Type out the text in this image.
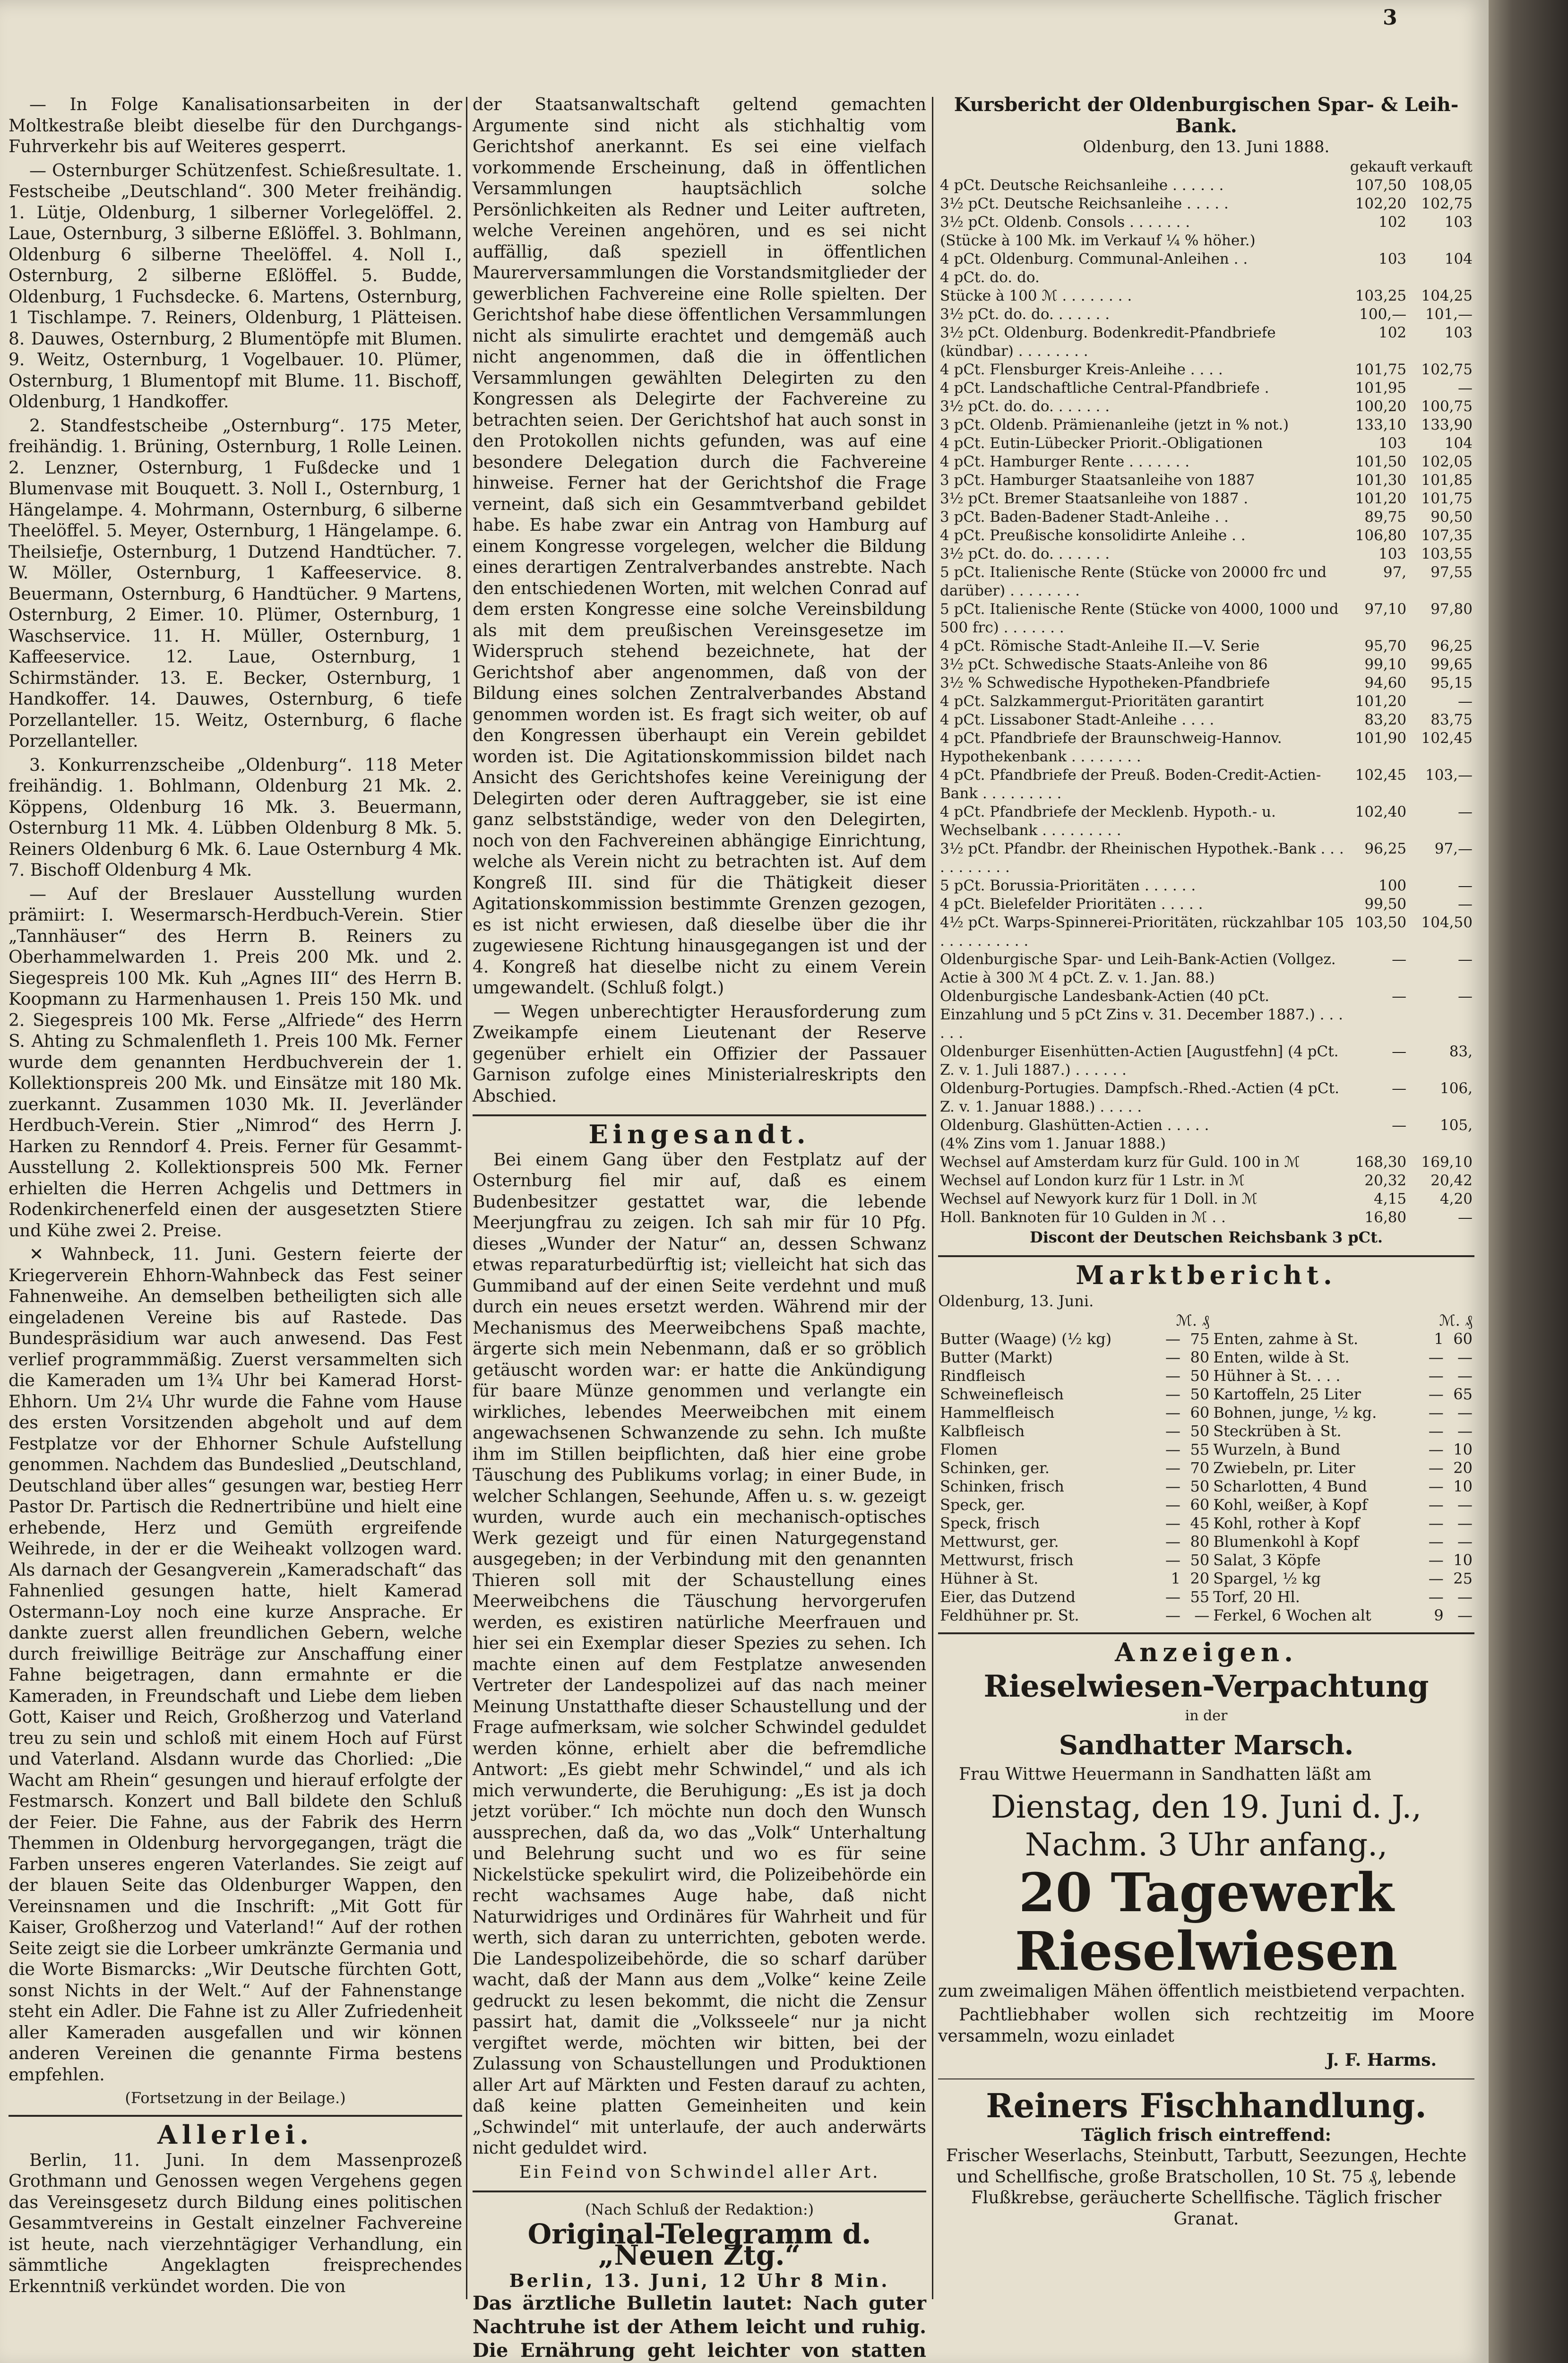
3

— In Folge Kanalisationsarbeiten in der Moltkestraße bleibt dieselbe für den Durchgangs-Fuhrverkehr bis auf Weiteres gesperrt.

— Osternburger Schützenfest. Schießresultate. 1. Festscheibe „Deutschland“. 300 Meter freihändig. 1. Lütje, Oldenburg, 1 silberner Vorlegelöffel. 2. Laue, Osternburg, 3 silberne Eßlöffel. 3. Bohlmann, Oldenburg 6 silberne Theelöffel. 4. Noll I., Osternburg, 2 silberne Eßlöffel. 5. Budde, Oldenburg, 1 Fuchsdecke. 6. Martens, Osternburg, 1 Tischlampe. 7. Reiners, Oldenburg, 1 Plätteisen. 8. Dauwes, Osternburg, 2 Blumentöpfe mit Blumen. 9. Weitz, Osternburg, 1 Vogelbauer. 10. Plümer, Osternburg, 1 Blumentopf mit Blume. 11. Bischoff, Oldenburg, 1 Handkoffer.

2. Standfestscheibe „Osternburg“. 175 Meter, freihändig. 1. Brüning, Osternburg, 1 Rolle Leinen. 2. Lenzner, Osternburg, 1 Fußdecke und 1 Blumenvase mit Bouquett. 3. Noll I., Osternburg, 1 Hängelampe. 4. Mohrmann, Osternburg, 6 silberne Theelöffel. 5. Meyer, Osternburg, 1 Hängelampe. 6. Theilsiefje, Osternburg, 1 Dutzend Handtücher. 7. W. Möller, Osternburg, 1 Kaffeeservice. 8. Beuermann, Osternburg, 6 Handtücher. 9 Martens, Osternburg, 2 Eimer. 10. Plümer, Osternburg, 1 Waschservice. 11. H. Müller, Osternburg, 1 Kaffeeservice. 12. Laue, Osternburg, 1 Schirmständer. 13. E. Becker, Osternburg, 1 Handkoffer. 14. Dauwes, Osternburg, 6 tiefe Porzellanteller. 15. Weitz, Osternburg, 6 flache Porzellanteller.

3. Konkurrenzscheibe „Oldenburg“. 118 Meter freihändig. 1. Bohlmann, Oldenburg 21 Mk. 2. Köppens, Oldenburg 16 Mk. 3. Beuermann, Osternburg 11 Mk. 4. Lübben Oldenburg 8 Mk. 5. Reiners Oldenburg 6 Mk. 6. Laue Osternburg 4 Mk. 7. Bischoff Oldenburg 4 Mk.

— Auf der Breslauer Ausstellung wurden prämiirt: I. Wesermarsch-Herdbuch-Verein. Stier „Tannhäuser“ des Herrn B. Reiners zu Oberhammelwarden 1. Preis 200 Mk. und 2. Siegespreis 100 Mk. Kuh „Agnes III“ des Herrn B. Koopmann zu Harmenhausen 1. Preis 150 Mk. und 2. Siegespreis 100 Mk. Ferse „Alfriede“ des Herrn S. Ahting zu Schmalenfleth 1. Preis 100 Mk. Ferner wurde dem genannten Herdbuchverein der 1. Kollektionspreis 200 Mk. und Einsätze mit 180 Mk. zuerkannt. Zusammen 1030 Mk. II. Jeverländer Herdbuch-Verein. Stier „Nimrod“ des Herrn J. Harken zu Renndorf 4. Preis. Ferner für Gesammt-Ausstellung 2. Kollektionspreis 500 Mk. Ferner erhielten die Herren Achgelis und Dettmers in Rodenkirchenerfeld einen der ausgesetzten Stiere und Kühe zwei 2. Preise.

✕ Wahnbeck, 11. Juni. Gestern feierte der Kriegerverein Ehhorn-Wahnbeck das Fest seiner Fahnenweihe. An demselben betheiligten sich alle eingeladenen Vereine bis auf Rastede. Das Bundespräsidium war auch anwesend. Das Fest verlief programmmäßig. Zuerst versammelten sich die Kameraden um 1¾ Uhr bei Kamerad Horst-Ehhorn. Um 2¼ Uhr wurde die Fahne vom Hause des ersten Vorsitzenden abgeholt und auf dem Festplatze vor der Ehhorner Schule Aufstellung genommen. Nachdem das Bundeslied „Deutschland, Deutschland über alles“ gesungen war, bestieg Herr Pastor Dr. Partisch die Rednertribüne und hielt eine erhebende, Herz und Gemüth ergreifende Weihrede, in der er die Weiheakt vollzogen ward. Als darnach der Gesangverein „Kameradschaft“ das Fahnenlied gesungen hatte, hielt Kamerad Ostermann-Loy noch eine kurze Ansprache. Er dankte zuerst allen freundlichen Gebern, welche durch freiwillige Beiträge zur Anschaffung einer Fahne beigetragen, dann ermahnte er die Kameraden, in Freundschaft und Liebe dem lieben Gott, Kaiser und Reich, Großherzog und Vaterland treu zu sein und schloß mit einem Hoch auf Fürst und Vaterland. Alsdann wurde das Chorlied: „Die Wacht am Rhein“ gesungen und hierauf erfolgte der Festmarsch. Konzert und Ball bildete den Schluß der Feier. Die Fahne, aus der Fabrik des Herrn Themmen in Oldenburg hervorgegangen, trägt die Farben unseres engeren Vaterlandes. Sie zeigt auf der blauen Seite das Oldenburger Wappen, den Vereinsnamen und die Inschrift: „Mit Gott für Kaiser, Großherzog und Vaterland!“ Auf der rothen Seite zeigt sie die Lorbeer umkränzte Germania und die Worte Bismarcks: „Wir Deutsche fürchten Gott, sonst Nichts in der Welt.“ Auf der Fahnenstange steht ein Adler. Die Fahne ist zu Aller Zufriedenheit aller Kameraden ausgefallen und wir können anderen Vereinen die genannte Firma bestens empfehlen.

(Fortsetzung in der Beilage.)

Allerlei.

Berlin, 11. Juni. In dem Massenprozeß Grothmann und Genossen wegen Vergehens gegen das Vereinsgesetz durch Bildung eines politischen Gesammtvereins in Gestalt einzelner Fachvereine ist heute, nach vierzehntägiger Verhandlung, ein sämmtliche Angeklagten freisprechendes Erkenntniß verkündet worden. Die von

der Staatsanwaltschaft geltend gemachten Argumente sind nicht als stichhaltig vom Gerichtshof anerkannt. Es sei eine vielfach vorkommende Erscheinung, daß in öffentlichen Versammlungen hauptsächlich solche Persönlichkeiten als Redner und Leiter auftreten, welche Vereinen angehören, und es sei nicht auffällig, daß speziell in öffentlichen Maurerversammlungen die Vorstandsmitglieder der gewerblichen Fachvereine eine Rolle spielten. Der Gerichtshof habe diese öffentlichen Versammlungen nicht als simulirte erachtet und demgemäß auch nicht angenommen, daß die in öffentlichen Versammlungen gewählten Delegirten zu den Kongressen als Delegirte der Fachvereine zu betrachten seien. Der Gerichtshof hat auch sonst in den Protokollen nichts gefunden, was auf eine besondere Delegation durch die Fachvereine hinweise. Ferner hat der Gerichtshof die Frage verneint, daß sich ein Gesammtverband gebildet habe. Es habe zwar ein Antrag von Hamburg auf einem Kongresse vorgelegen, welcher die Bildung eines derartigen Zentralverbandes anstrebte. Nach den entschiedenen Worten, mit welchen Conrad auf dem ersten Kongresse eine solche Vereinsbildung als mit dem preußischen Vereinsgesetze im Widerspruch stehend bezeichnete, hat der Gerichtshof aber angenommen, daß von der Bildung eines solchen Zentralverbandes Abstand genommen worden ist. Es fragt sich weiter, ob auf den Kongressen überhaupt ein Verein gebildet worden ist. Die Agitationskommission bildet nach Ansicht des Gerichtshofes keine Vereinigung der Delegirten oder deren Auftraggeber, sie ist eine ganz selbstständige, weder von den Delegirten, noch von den Fachvereinen abhängige Einrichtung, welche als Verein nicht zu betrachten ist. Auf dem Kongreß III. sind für die Thätigkeit dieser Agitationskommission bestimmte Grenzen gezogen, es ist nicht erwiesen, daß dieselbe über die ihr zugewiesene Richtung hinausgegangen ist und der 4. Kongreß hat dieselbe nicht zu einem Verein umgewandelt. (Schluß folgt.)

— Wegen unberechtigter Herausforderung zum Zweikampfe einem Lieutenant der Reserve gegenüber erhielt ein Offizier der Passauer Garnison zufolge eines Ministerialreskripts den Abschied.

Eingesandt.

Bei einem Gang über den Festplatz auf der Osternburg fiel mir auf, daß es einem Budenbesitzer gestattet war, die lebende Meerjungfrau zu zeigen. Ich sah mir für 10 Pfg. dieses „Wunder der Natur“ an, dessen Schwanz etwas reparaturbedürftig ist; vielleicht hat sich das Gummiband auf der einen Seite verdehnt und muß durch ein neues ersetzt werden. Während mir der Mechanismus des Meerweibchens Spaß machte, ärgerte sich mein Nebenmann, daß er so gröblich getäuscht worden war: er hatte die Ankündigung für baare Münze genommen und verlangte ein wirkliches, lebendes Meerweibchen mit einem angewachsenen Schwanzende zu sehn. Ich mußte ihm im Stillen beipflichten, daß hier eine grobe Täuschung des Publikums vorlag; in einer Bude, in welcher Schlangen, Seehunde, Affen u. s. w. gezeigt wurden, wurde auch ein mechanisch-optisches Werk gezeigt und für einen Naturgegenstand ausgegeben; in der Verbindung mit den genannten Thieren soll mit der Schaustellung eines Meerweibchens die Täuschung hervorgerufen werden, es existiren natürliche Meerfrauen und hier sei ein Exemplar dieser Spezies zu sehen. Ich machte einen auf dem Festplatze anwesenden Vertreter der Landespolizei auf das nach meiner Meinung Unstatthafte dieser Schaustellung und der Frage aufmerksam, wie solcher Schwindel geduldet werden könne, erhielt aber die befremdliche Antwort: „Es giebt mehr Schwindel,“ und als ich mich verwunderte, die Beruhigung: „Es ist ja doch jetzt vorüber.“ Ich möchte nun doch den Wunsch aussprechen, daß da, wo das „Volk“ Unterhaltung und Belehrung sucht und wo es für seine Nickelstücke spekulirt wird, die Polizeibehörde ein recht wachsames Auge habe, daß nicht Naturwidriges und Ordinäres für Wahrheit und für werth, sich daran zu unterrichten, geboten werde. Die Landespolizeibehörde, die so scharf darüber wacht, daß der Mann aus dem „Volke“ keine Zeile gedruckt zu lesen bekommt, die nicht die Zensur passirt hat, damit die „Volksseele“ nur ja nicht vergiftet werde, möchten wir bitten, bei der Zulassung von Schaustellungen und Produktionen aller Art auf Märkten und Festen darauf zu achten, daß keine platten Gemeinheiten und kein „Schwindel“ mit unterlaufe, der auch anderwärts nicht geduldet wird.

Ein Feind von Schwindel aller Art.

(Nach Schluß der Redaktion:)

Original-Telegramm d. „Neuen Ztg.“
Berlin, 13. Juni, 12 Uhr 8 Min.
Das ärztliche Bulletin lautet: Nach guter Nachtruhe ist der Athem leicht und ruhig. Die Ernährung geht leichter von statten
Kursbericht der Oldenburgischen Spar- & Leih-Bank.
Oldenburg, den 13. Juni 1888.
	gekauft	verkauft
4 pCt. Deutsche Reichsanleihe . . . . . .	107,50	108,05
3½ pCt. Deutsche Reichsanleihe . . . . .	102,20	102,75
3½ pCt. Oldenb. Consols . . . . . . .	102	103
(Stücke à 100 Mk. im Verkauf ¼ % höher.)		
4 pCt. Oldenburg. Communal-Anleihen . .	103	104
4 pCt. do. do.		
Stücke à 100 ℳ . . . . . . . .	103,25	104,25
3½ pCt. do. do. . . . . . .	100,—	101,—
3½ pCt. Oldenburg. Bodenkredit-Pfandbriefe (kündbar) . . . . . . . .	102	103
4 pCt. Flensburger Kreis-Anleihe . . . .	101,75	102,75
4 pCt. Landschaftliche Central-Pfandbriefe .	101,95	—
3½ pCt. do. do. . . . . . .	100,20	100,75
3 pCt. Oldenb. Prämienanleihe (jetzt in % not.)	133,10	133,90
4 pCt. Eutin-Lübecker Priorit.-Obligationen	103	104
4 pCt. Hamburger Rente . . . . . . .	101,50	102,05
3 pCt. Hamburger Staatsanleihe von 1887	101,30	101,85
3½ pCt. Bremer Staatsanleihe von 1887 .	101,20	101,75
3 pCt. Baden-Badener Stadt-Anleihe . .	89,75	90,50
4 pCt. Preußische konsolidirte Anleihe . .	106,80	107,35
3½ pCt. do. do. . . . . . .	103	103,55
5 pCt. Italienische Rente (Stücke von 20000 frc und darüber) . . . . . . . .	97,	97,55
5 pCt. Italienische Rente (Stücke von 4000, 1000 und 500 frc) . . . . . . .	97,10	97,80
4 pCt. Römische Stadt-Anleihe II.—V. Serie	95,70	96,25
3½ pCt. Schwedische Staats-Anleihe von 86	99,10	99,65
3½ % Schwedische Hypotheken-Pfandbriefe	94,60	95,15
4 pCt. Salzkammergut-Prioritäten garantirt	101,20	—
4 pCt. Lissaboner Stadt-Anleihe . . . .	83,20	83,75
4 pCt. Pfandbriefe der Braunschweig-Hannov. Hypothekenbank . . . . . . . .	101,90	102,45
4 pCt. Pfandbriefe der Preuß. Boden-Credit-Actien-Bank . . . . . . . . .	102,45	103,—
4 pCt. Pfandbriefe der Mecklenb. Hypoth.- u. Wechselbank . . . . . . . . .	102,40	—
3½ pCt. Pfandbr. der Rheinischen Hypothek.-Bank . . . . . . . . . . .	96,25	97,—
5 pCt. Borussia-Prioritäten . . . . . .	100	—
4 pCt. Bielefelder Prioritäten . . . . .	99,50	—
4½ pCt. Warps-Spinnerei-Prioritäten, rückzahlbar 105 . . . . . . . . . .	103,50	104,50
Oldenburgische Spar- und Leih-Bank-Actien (Vollgez. Actie à 300 ℳ 4 pCt. Z. v. 1. Jan. 88.)	—	—
Oldenburgische Landesbank-Actien (40 pCt. Einzahlung und 5 pCt Zins v. 31. December 1887.) . . . . . .	—	—
Oldenburger Eisenhütten-Actien [Augustfehn] (4 pCt. Z. v. 1. Juli 1887.) . . . . . .	—	83,
Oldenburg-Portugies. Dampfsch.-Rhed.-Actien (4 pCt. Z. v. 1. Januar 1888.) . . . . .	—	106,
Oldenburg. Glashütten-Actien . . . . .	—	105,
(4% Zins vom 1. Januar 1888.)		
Wechsel auf Amsterdam kurz für Guld. 100 in ℳ	168,30	169,10
Wechsel auf London kurz für 1 Lstr. in ℳ	20,32	20,42
Wechsel auf Newyork kurz für 1 Doll. in ℳ	4,15	4,20
Holl. Banknoten für 10 Gulden in ℳ . .	16,80	—
Discont der Deutschen Reichsbank 3 pCt.
Marktbericht.
Oldenburg, 13. Juni.
	ℳ. ₰			ℳ. ₰	
Butter (Waage) (½ kg)	—	75	Enten, zahme à St.	1	60
Butter (Markt)	—	80	Enten, wilde à St.	—	—
Rindfleisch	—	50	Hühner à St. . . .	—	—
Schweinefleisch	—	50	Kartoffeln, 25 Liter	—	65
Hammelfleisch	—	60	Bohnen, junge, ½ kg.	—	—
Kalbfleisch	—	50	Steckrüben à St.	—	—
Flomen	—	55	Wurzeln, à Bund	—	10
Schinken, ger.	—	70	Zwiebeln, pr. Liter	—	20
Schinken, frisch	—	50	Scharlotten, 4 Bund	—	10
Speck, ger.	—	60	Kohl, weißer, à Kopf	—	—
Speck, frisch	—	45	Kohl, rother à Kopf	—	—
Mettwurst, ger.	—	80	Blumenkohl à Kopf	—	—
Mettwurst, frisch	—	50	Salat, 3 Köpfe	—	10
Hühner à St.	1	20	Spargel, ½ kg	—	25
Eier, das Dutzend	—	55	Torf, 20 Hl.	—	—
Feldhühner pr. St.	—	—	Ferkel, 6 Wochen alt	9	—
Anzeigen.
Rieselwiesen-Verpachtung
in der
Sandhatter Marsch.

Frau Wittwe Heuermann in Sandhatten läßt am

Dienstag, den 19. Juni d. J., Nachm. 3 Uhr anfang.,
20 Tagewerk Rieselwiesen

zum zweimaligen Mähen öffentlich meistbietend verpachten.

Pachtliebhaber wollen sich rechtzeitig im Moore versammeln, wozu einladet

J. F. Harms.

Reiners Fischhandlung.
Täglich frisch eintreffend:

Frischer Weserlachs, Steinbutt, Tarbutt, Seezungen, Hechte und Schellfische, große Bratschollen, 10 St. 75 ₰, lebende Flußkrebse, geräucherte Schellfische. Täglich frischer Granat.
